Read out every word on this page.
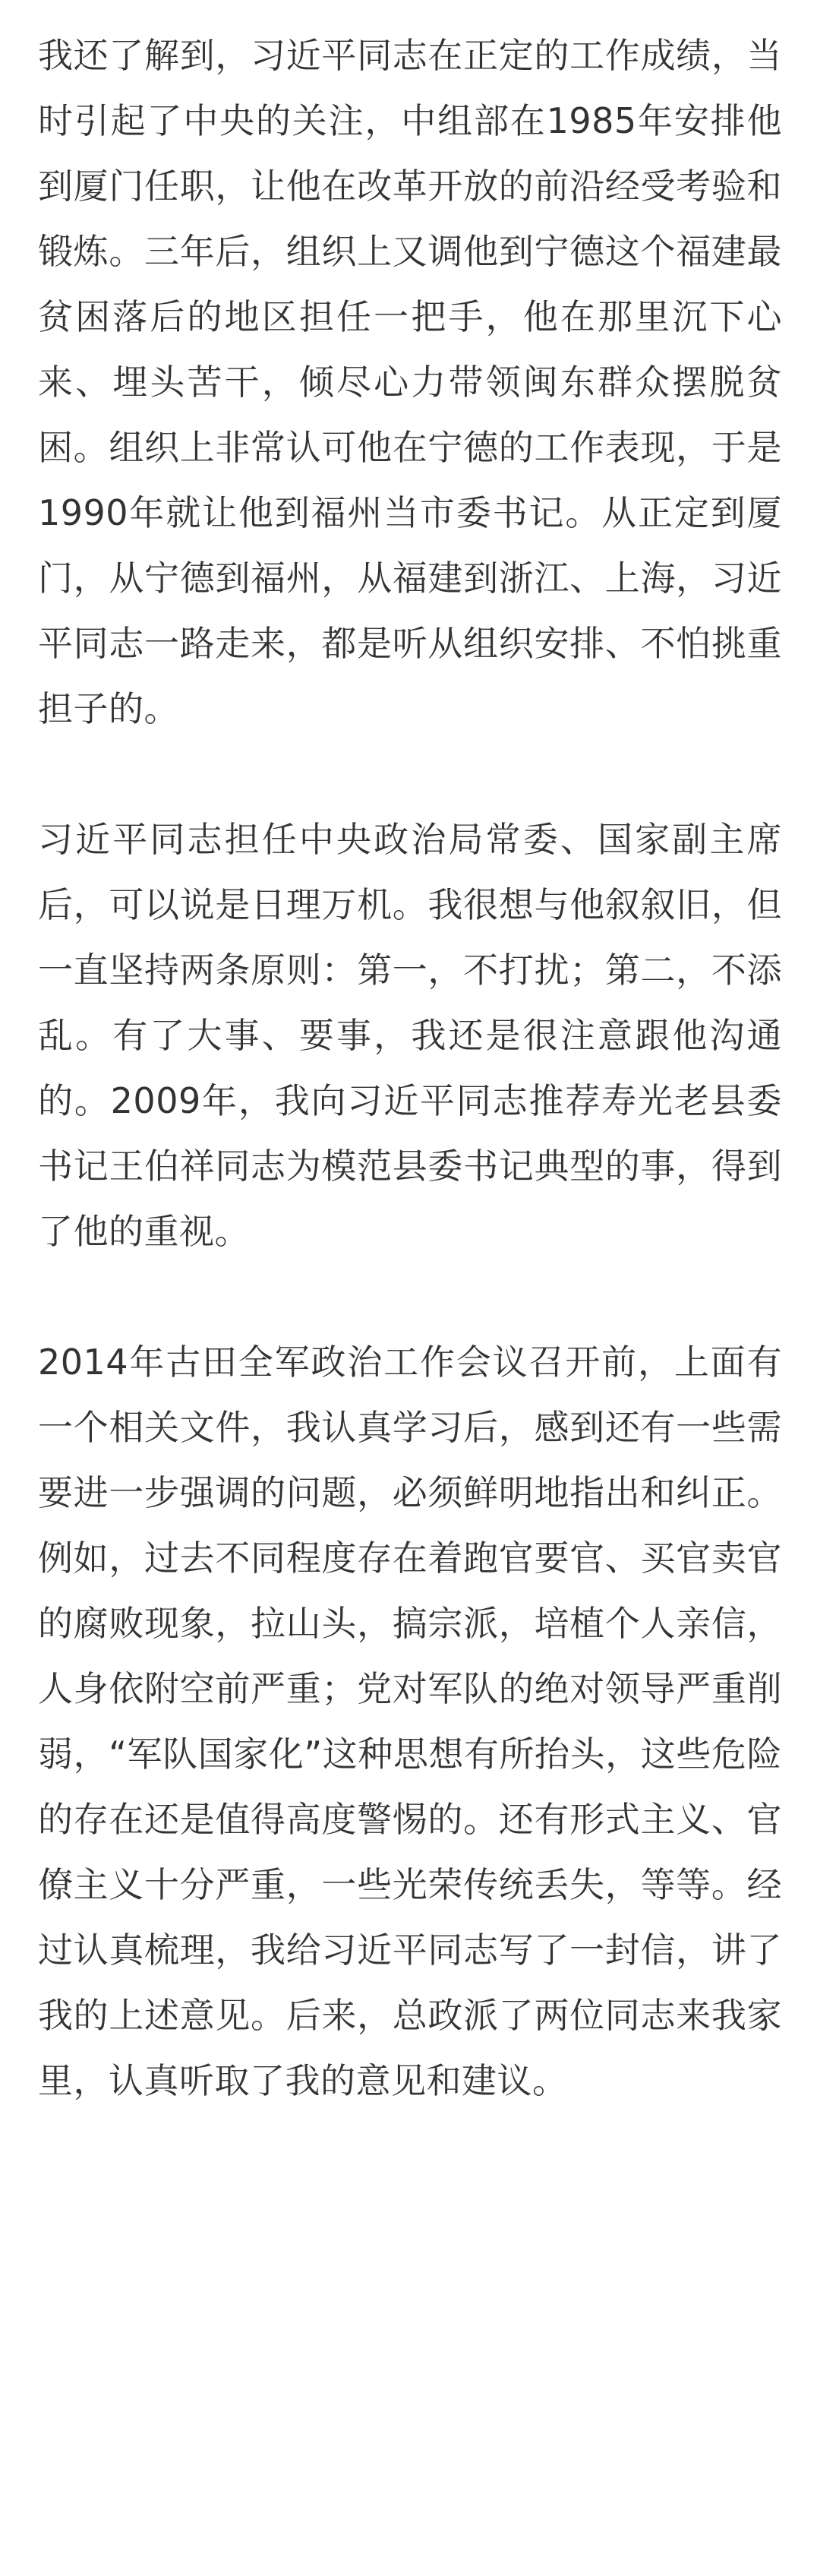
我还了解到，习近平同志在正定的工作成绩，当时引起了中央的关注，中组部在1985年安排他到厦门任职，让他在改革开放的前沿经受考验和锻炼。三年后，组织上又调他到宁德这个福建最贫困落后的地区担任一把手，他在那里沉下心来、埋头苦干，倾尽心力带领闽东群众摆脱贫困。组织上非常认可他在宁德的工作表现，于是1990年就让他到福州当市委书记。从正定到厦门，从宁德到福州，从福建到浙江、上海，习近平同志一路走来，都是听从组织安排、不怕挑重担子的。

习近平同志担任中央政治局常委、国家副主席后，可以说是日理万机。我很想与他叙叙旧，但一直坚持两条原则：第一，不打扰；第二，不添乱。有了大事、要事，我还是很注意跟他沟通的。2009年，我向习近平同志推荐寿光老县委书记王伯祥同志为模范县委书记典型的事，得到了他的重视。

2014年古田全军政治工作会议召开前，上面有一个相关文件，我认真学习后，感到还有一些需要进一步强调的问题，必须鲜明地指出和纠正。例如，过去不同程度存在着跑官要官、买官卖官的腐败现象，拉山头，搞宗派，培植个人亲信，人身依附空前严重；党对军队的绝对领导严重削弱，“军队国家化”这种思想有所抬头，这些危险的存在还是值得高度警惕的。还有形式主义、官僚主义十分严重，一些光荣传统丢失，等等。经过认真梳理，我给习近平同志写了一封信，讲了我的上述意见。后来，总政派了两位同志来我家里，认真听取了我的意见和建议。
